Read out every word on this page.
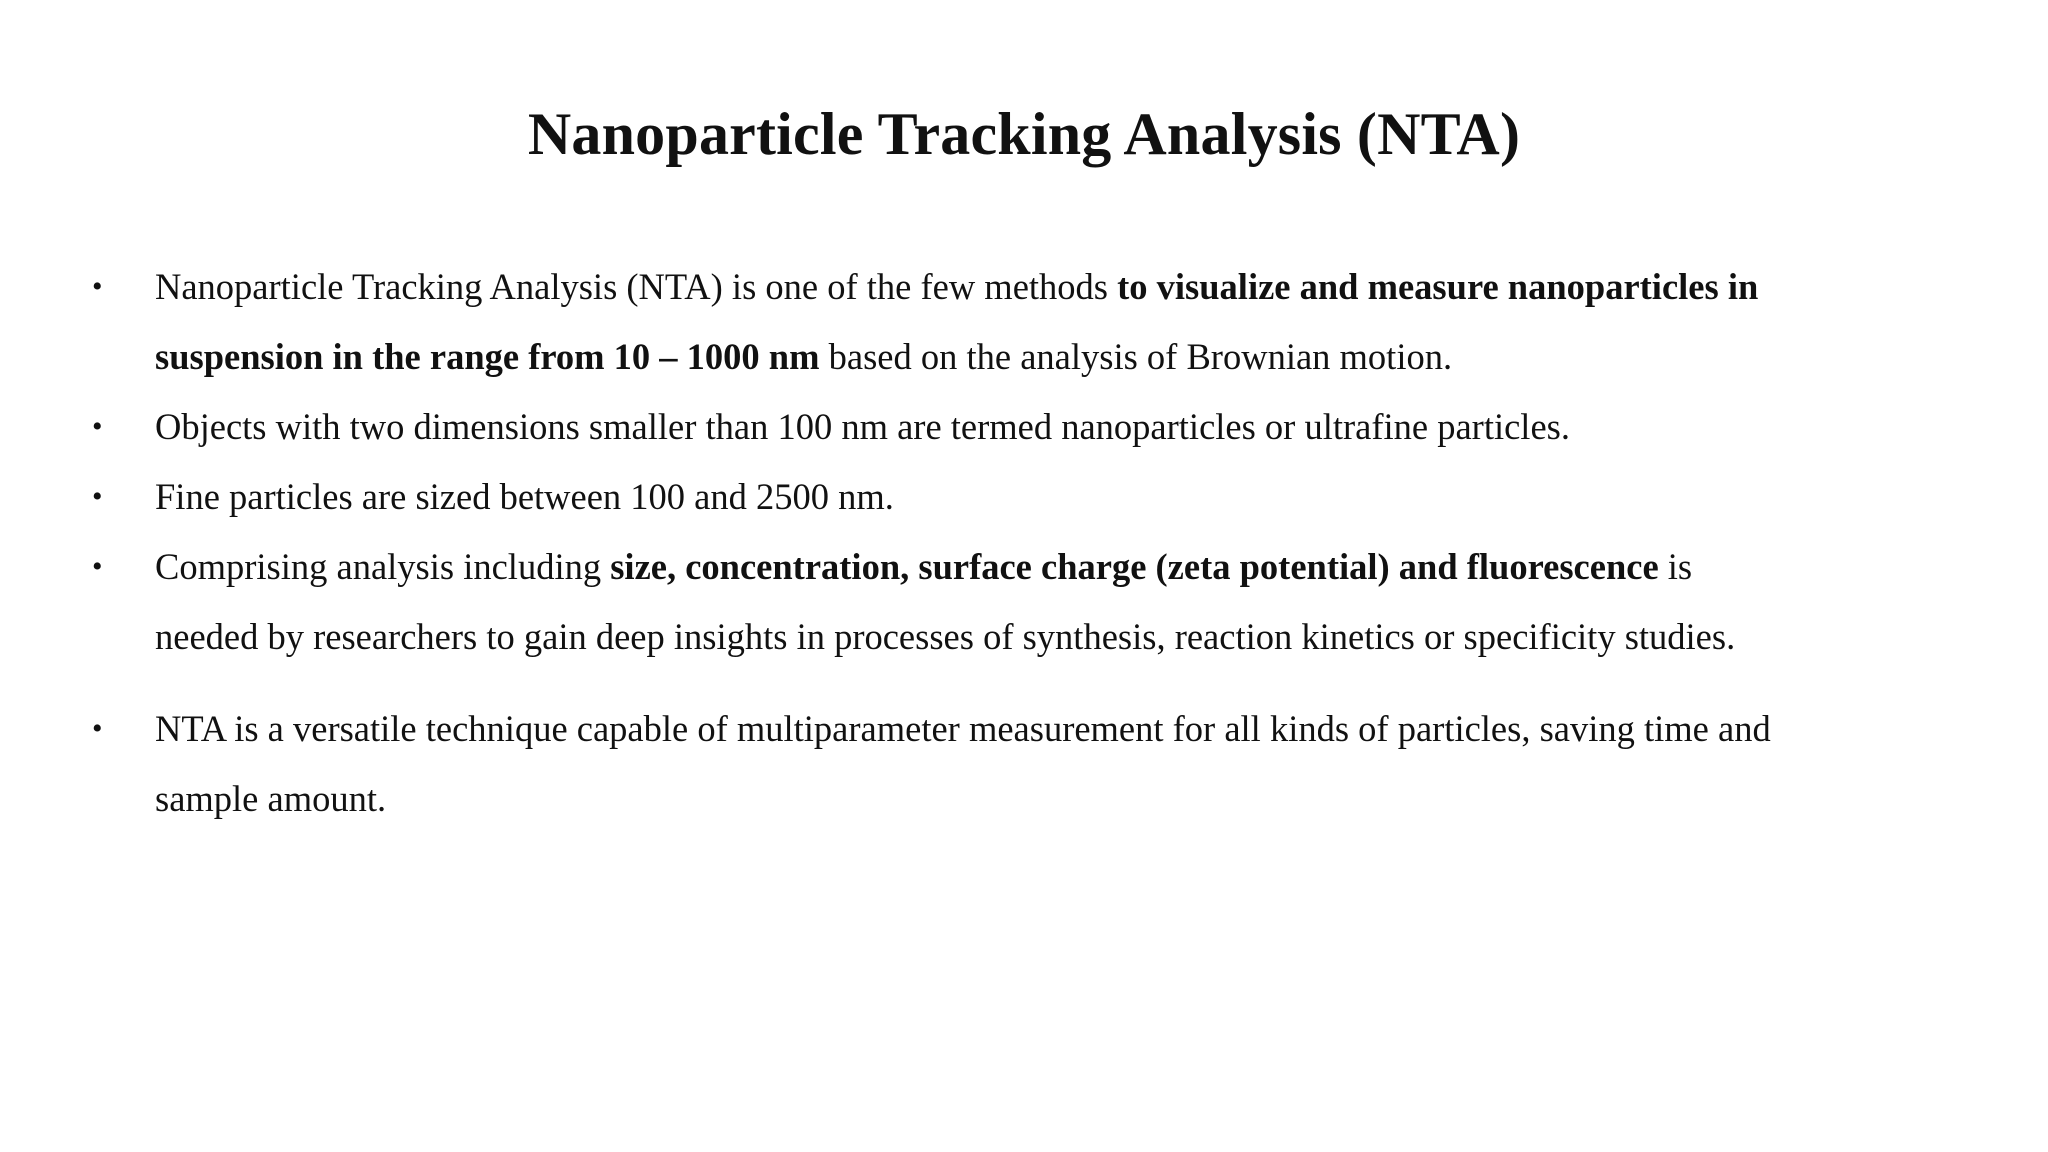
Nanoparticle Tracking Analysis (NTA)
• Nanoparticle Tracking Analysis (NTA) is one of the few methods to visualize and measure nanoparticles in
suspension in the range from 10 – 1000 nm based on the analysis of Brownian motion.
• Objects with two dimensions smaller than 100 nm are termed nanoparticles or ultrafine particles.
• Fine particles are sized between 100 and 2500 nm.
• Comprising analysis including size, concentration, surface charge (zeta potential) and fluorescence is
needed by researchers to gain deep insights in processes of synthesis, reaction kinetics or specificity studies.
• NTA is a versatile technique capable of multiparameter measurement for all kinds of particles, saving time and
sample amount.
